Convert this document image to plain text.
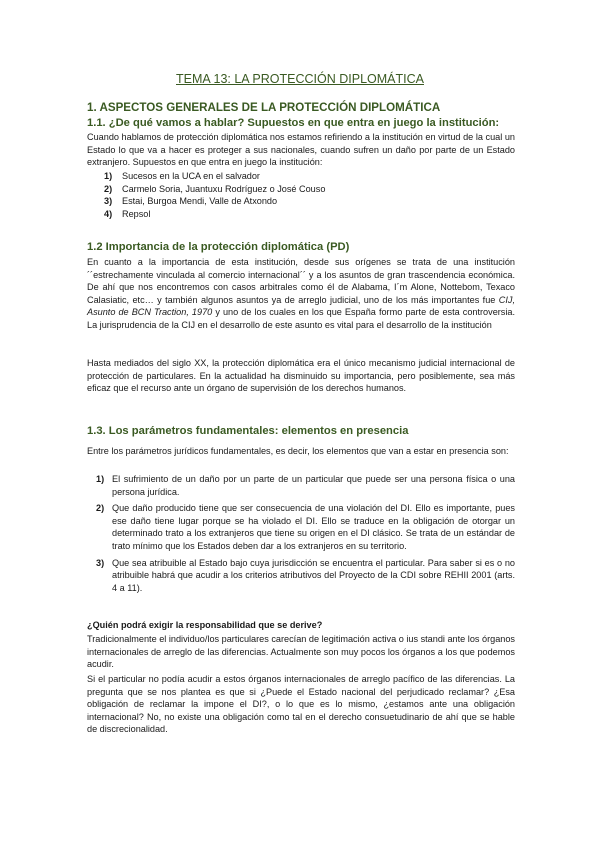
TEMA 13: LA PROTECCIÓN DIPLOMÁTICA
1. ASPECTOS GENERALES DE LA PROTECCIÓN DIPLOMÁTICA
1.1. ¿De qué vamos a hablar? Supuestos en que entra en juego la institución:

Cuando hablamos de protección diplomática nos estamos refiriendo a la institución en virtud de la cual un Estado lo que va a hacer es proteger a sus nacionales, cuando sufren un daño por parte de un Estado extranjero. Supuestos en que entra en juego la institución:

1) Sucesos en la UCA en el salvador
2) Carmelo Soria, Juantuxu Rodríguez o José Couso
3) Estai, Burgoa Mendi, Valle de Atxondo
4) Repsol
1.2 Importancia de la protección diplomática (PD)

En cuanto a la importancia de esta institución, desde sus orígenes se trata de una institución ´´estrechamente vinculada al comercio internacional´´ y a los asuntos de gran trascendencia económica. De ahí que nos encontremos con casos arbitrales como él de Alabama, I´m Alone, Nottebom, Texaco Calasiatic, etc… y también algunos asuntos ya de arreglo judicial, uno de los más importantes fue CIJ, Asunto de BCN Traction, 1970 y uno de los cuales en los que España formo parte de esta controversia. La jurisprudencia de la CIJ en el desarrollo de este asunto es vital para el desarrollo de la institución

Hasta mediados del siglo XX, la protección diplomática era el único mecanismo judicial internacional de protección de particulares. En la actualidad ha disminuido su importancia, pero posiblemente, sea más eficaz que el recurso ante un órgano de supervisión de los derechos humanos.

1.3. Los parámetros fundamentales: elementos en presencia

Entre los parámetros jurídicos fundamentales, es decir, los elementos que van a estar en presencia son:

1) El sufrimiento de un daño por un parte de un particular que puede ser una persona física o una persona jurídica.
2) Que daño producido tiene que ser consecuencia de una violación del DI. Ello es importante, pues ese daño tiene lugar porque se ha violado el DI. Ello se traduce en la obligación de otorgar un determinado trato a los extranjeros que tiene su origen en el DI clásico. Se trata de un estándar de trato mínimo que los Estados deben dar a los extranjeros en su territorio.
3) Que sea atribuible al Estado bajo cuya jurisdicción se encuentra el particular. Para saber si es o no atribuible habrá que acudir a los criterios atributivos del Proyecto de la CDI sobre REHII 2001 (arts. 4 a 11).
¿Quién podrá exigir la responsabilidad que se derive?

Tradicionalmente el individuo/los particulares carecían de legitimación activa o ius standi ante los órganos internacionales de arreglo de las diferencias. Actualmente son muy pocos los órganos a los que podemos acudir.

Si el particular no podía acudir a estos órganos internacionales de arreglo pacífico de las diferencias. La pregunta que se nos plantea es que si ¿Puede el Estado nacional del perjudicado reclamar? ¿Esa obligación de reclamar la impone el DI?, o lo que es lo mismo, ¿estamos ante una obligación internacional? No, no existe una obligación como tal en el derecho consuetudinario de ahí que se hable de discrecionalidad.
